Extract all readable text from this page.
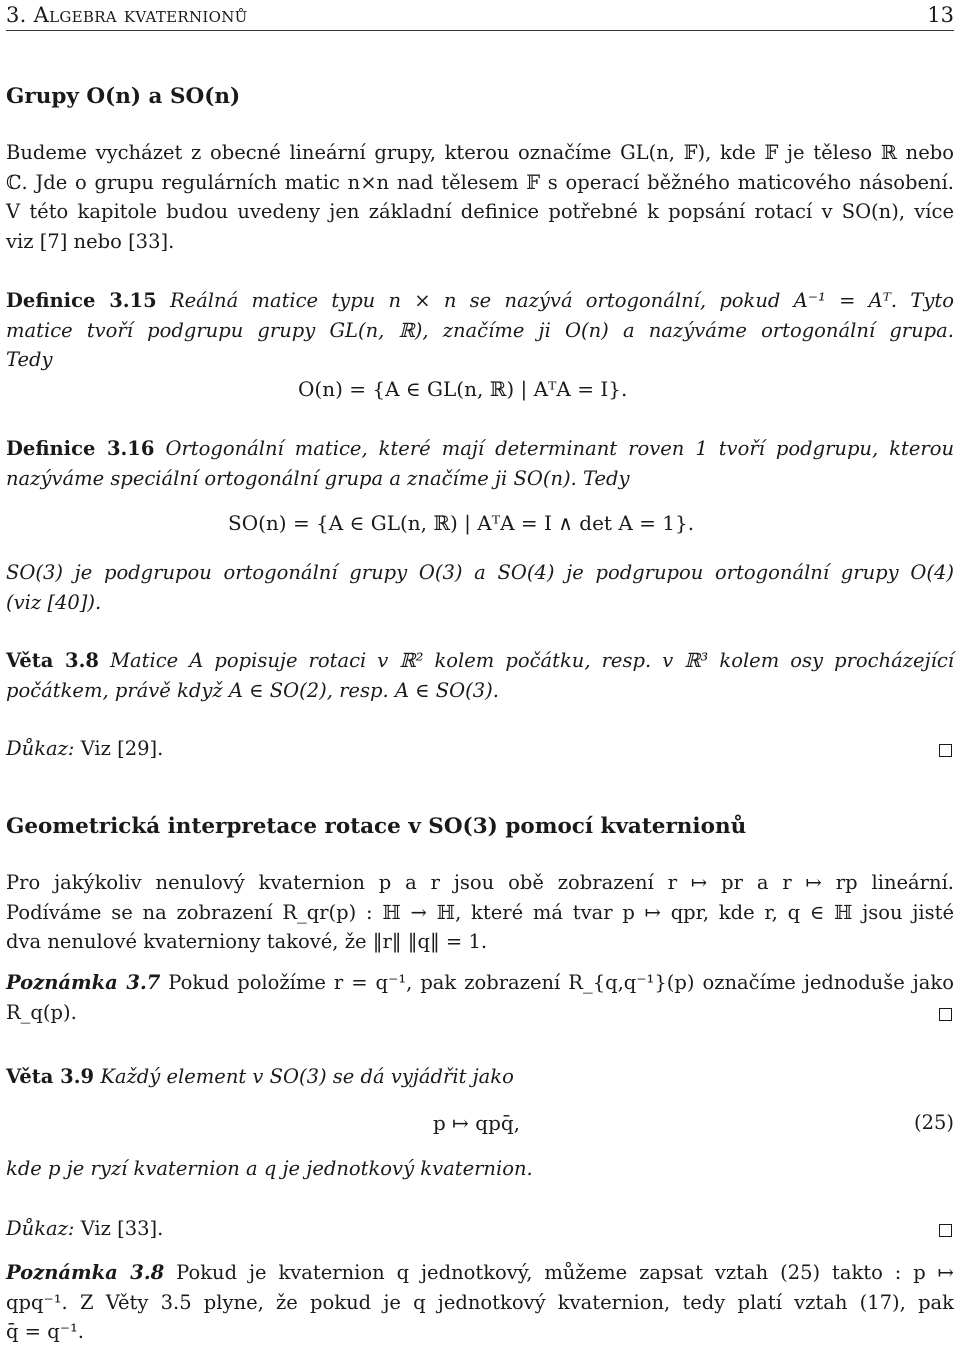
3. Algebra kvaternionů	13
Grupy O(n) a SO(n)
Budeme vycházet z obecné lineární grupy, kterou označíme GL(n, 𝔽), kde 𝔽 je těleso ℝ nebo
ℂ. Jde o grupu regulárních matic n×n nad tělesem 𝔽 s operací běžného maticového násobení.
V této kapitole budou uvedeny jen základní definice potřebné k popsání rotací v SO(n), více
viz [7] nebo [33].
Definice 3.15 Reálná matice typu n × n se nazývá ortogonální, pokud A⁻¹ = Aᵀ. Tyto
matice tvoří podgrupu grupy GL(n, ℝ), značíme ji O(n) a nazýváme ortogonální grupa.
Tedy
O(n) = {A ∈ GL(n, ℝ) | AᵀA = I}.
Definice 3.16 Ortogonální matice, které mají determinant roven 1 tvoří podgrupu, kterou
nazýváme speciální ortogonální grupa a značíme ji SO(n). Tedy
SO(n) = {A ∈ GL(n, ℝ) | AᵀA = I ∧ det A = 1}.
SO(3) je podgrupou ortogonální grupy O(3) a SO(4) je podgrupou ortogonální grupy O(4)
(viz [40]).
Věta 3.8 Matice A popisuje rotaci v ℝ² kolem počátku, resp. v ℝ³ kolem osy procházející
počátkem, právě když A ∈ SO(2), resp. A ∈ SO(3).
Důkaz: Viz [29].
Geometrická interpretace rotace v SO(3) pomocí kvaternionů
Pro jakýkoliv nenulový kvaternion p a r jsou obě zobrazení r ↦ pr a r ↦ rp lineární.
Podíváme se na zobrazení R_qr(p) : ℍ → ℍ, které má tvar p ↦ qpr, kde r, q ∈ ℍ jsou jisté
dva nenulové kvaterniony takové, že ‖r‖ ‖q‖ = 1.
Poznámka 3.7 Pokud položíme r = q⁻¹, pak zobrazení R_{q,q⁻¹}(p) označíme jednoduše jako
R_q(p).
Věta 3.9 Každý element v SO(3) se dá vyjádřit jako
p ↦ qpq̄,	(25)
kde p je ryzí kvaternion a q je jednotkový kvaternion.
Důkaz: Viz [33].
Poznámka 3.8 Pokud je kvaternion q jednotkový, můžeme zapsat vztah (25) takto : p ↦
qpq⁻¹. Z Věty 3.5 plyne, že pokud je q jednotkový kvaternion, tedy platí vztah (17), pak
q̄ = q⁻¹.
